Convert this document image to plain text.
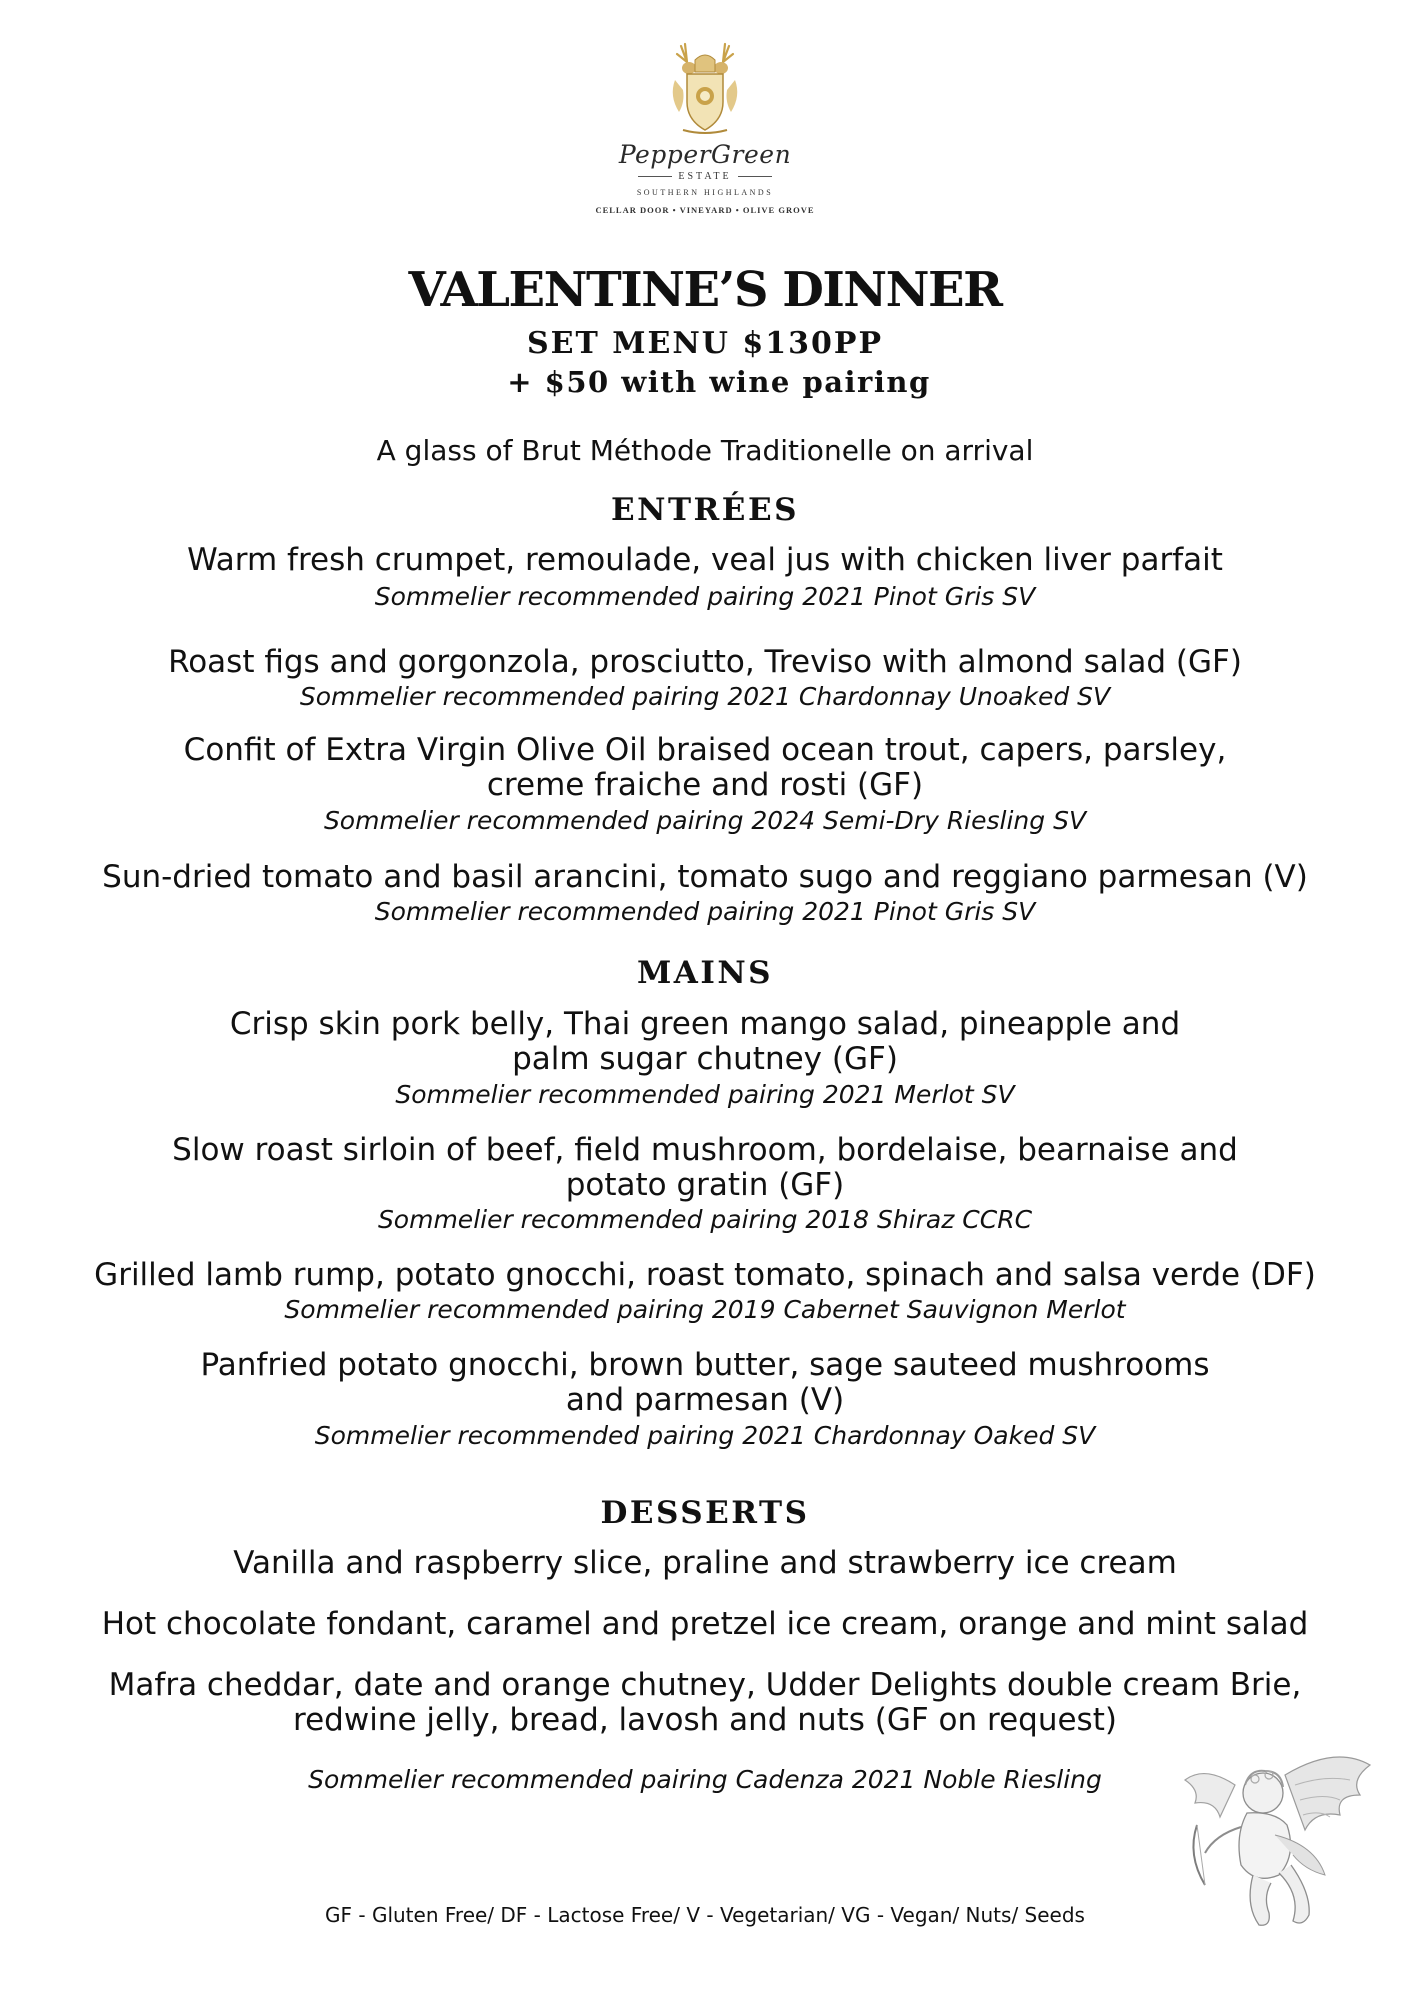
PepperGreen
ESTATE
SOUTHERN HIGHLANDS
CELLAR DOOR • VINEYARD • OLIVE GROVE
VALENTINE’S DINNER
SET MENU $130PP
+ $50 with wine pairing
A glass of Brut Méthode Traditionelle on arrival
ENTRÉES
Warm fresh crumpet, remoulade, veal jus with chicken liver parfait
Sommelier recommended pairing 2021 Pinot Gris SV
Roast figs and gorgonzola, prosciutto, Treviso with almond salad (GF)
Sommelier recommended pairing 2021 Chardonnay Unoaked SV
Confit of Extra Virgin Olive Oil braised ocean trout, capers, parsley,
creme fraiche and rosti (GF)
Sommelier recommended pairing 2024 Semi-Dry Riesling SV
Sun-dried tomato and basil arancini, tomato sugo and reggiano parmesan (V)
Sommelier recommended pairing 2021 Pinot Gris SV
MAINS
Crisp skin pork belly, Thai green mango salad, pineapple and
palm sugar chutney (GF)
Sommelier recommended pairing 2021 Merlot SV
Slow roast sirloin of beef, field mushroom, bordelaise, bearnaise and
potato gratin (GF)
Sommelier recommended pairing 2018 Shiraz CCRC
Grilled lamb rump, potato gnocchi, roast tomato, spinach and salsa verde (DF)
Sommelier recommended pairing 2019 Cabernet Sauvignon Merlot
Panfried potato gnocchi, brown butter, sage sauteed mushrooms
and parmesan (V)
Sommelier recommended pairing 2021 Chardonnay Oaked SV
DESSERTS
Vanilla and raspberry slice, praline and strawberry ice cream
Hot chocolate fondant, caramel and pretzel ice cream, orange and mint salad
Mafra cheddar, date and orange chutney, Udder Delights double cream Brie,
redwine jelly, bread, lavosh and nuts (GF on request)
Sommelier recommended pairing Cadenza 2021 Noble Riesling
GF - Gluten Free/ DF - Lactose Free/ V - Vegetarian/ VG - Vegan/ Nuts/ Seeds
